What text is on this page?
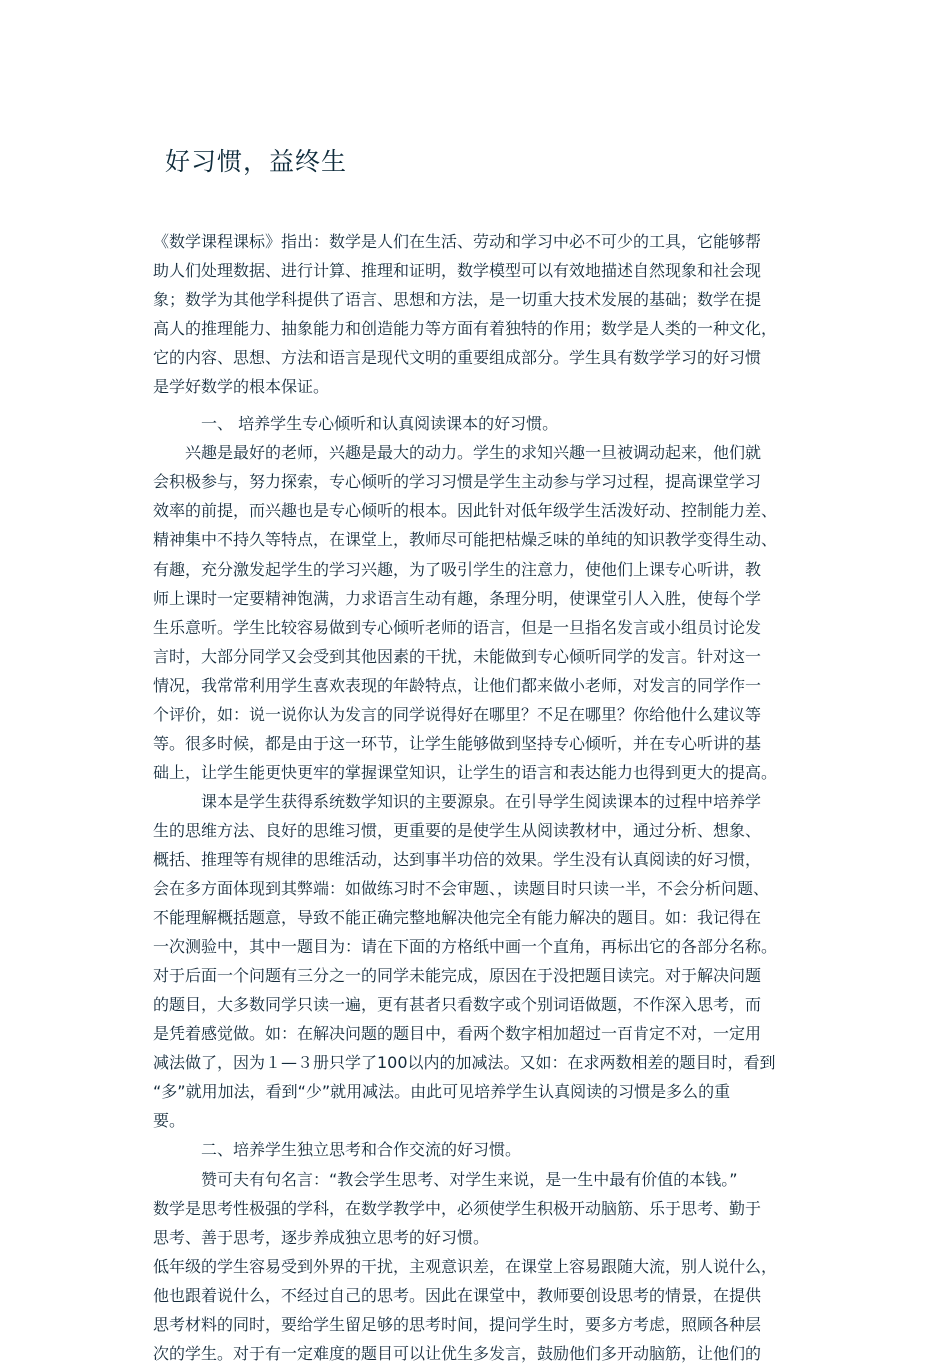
好习惯，益终生
《数学课程课标》指出：数学是人们在生活、劳动和学习中必不可少的工具，它能够帮
助人们处理数据、进行计算、推理和证明，数学模型可以有效地描述自然现象和社会现
象；数学为其他学科提供了语言、思想和方法，是一切重大技术发展的基础；数学在提
高人的推理能力、抽象能力和创造能力等方面有着独特的作用；数学是人类的一种文化，
它的内容、思想、方法和语言是现代文明的重要组成部分。学生具有数学学习的好习惯
是学好数学的根本保证。
一、 培养学生专心倾听和认真阅读课本的好习惯。
兴趣是最好的老师，兴趣是最大的动力。学生的求知兴趣一旦被调动起来，他们就
会积极参与，努力探索，专心倾听的学习习惯是学生主动参与学习过程，提高课堂学习
效率的前提，而兴趣也是专心倾听的根本。因此针对低年级学生活泼好动、控制能力差、
精神集中不持久等特点，在课堂上，教师尽可能把枯燥乏味的单纯的知识教学变得生动、
有趣，充分激发起学生的学习兴趣，为了吸引学生的注意力，使他们上课专心听讲，教
师上课时一定要精神饱满，力求语言生动有趣，条理分明，使课堂引人入胜，使每个学
生乐意听。学生比较容易做到专心倾听老师的语言，但是一旦指名发言或小组员讨论发
言时，大部分同学又会受到其他因素的干扰，未能做到专心倾听同学的发言。针对这一
情况，我常常利用学生喜欢表现的年龄特点，让他们都来做小老师，对发言的同学作一
个评价，如：说一说你认为发言的同学说得好在哪里？不足在哪里？你给他什么建议等
等。很多时候，都是由于这一环节，让学生能够做到坚持专心倾听，并在专心听讲的基
础上，让学生能更快更牢的掌握课堂知识，让学生的语言和表达能力也得到更大的提高。
课本是学生获得系统数学知识的主要源泉。在引导学生阅读课本的过程中培养学
生的思维方法、良好的思维习惯，更重要的是使学生从阅读教材中，通过分析、想象、
概括、推理等有规律的思维活动，达到事半功倍的效果。学生没有认真阅读的好习惯，
会在多方面体现到其弊端：如做练习时不会审题、，读题目时只读一半，不会分析问题、
不能理解概括题意，导致不能正确完整地解决他完全有能力解决的题目。如：我记得在
一次测验中，其中一题目为：请在下面的方格纸中画一个直角，再标出它的各部分名称。
对于后面一个问题有三分之一的同学未能完成，原因在于没把题目读完。对于解决问题
的题目，大多数同学只读一遍，更有甚者只看数字或个别词语做题，不作深入思考，而
是凭着感觉做。如：在解决问题的题目中，看两个数字相加超过一百肯定不对，一定用
减法做了，因为１—３册只学了100以内的加减法。又如：在求两数相差的题目时，看到
“多”就用加法，看到“少”就用减法。由此可见培养学生认真阅读的习惯是多么的重
要。
二、培养学生独立思考和合作交流的好习惯。
赞可夫有句名言：“教会学生思考、对学生来说，是一生中最有价值的本钱。”
数学是思考性极强的学科，在数学教学中，必须使学生积极开动脑筋、乐于思考、勤于
思考、善于思考，逐步养成独立思考的好习惯。
低年级的学生容易受到外界的干扰，主观意识差，在课堂上容易跟随大流，别人说什么，
他也跟着说什么，不经过自己的思考。因此在课堂中，教师要创设思考的情景，在提供
思考材料的同时，要给学生留足够的思考时间，提问学生时，要多方考虑，照顾各种层
次的学生。对于有一定难度的题目可以让优生多发言，鼓励他们多开动脑筋，让他们的
